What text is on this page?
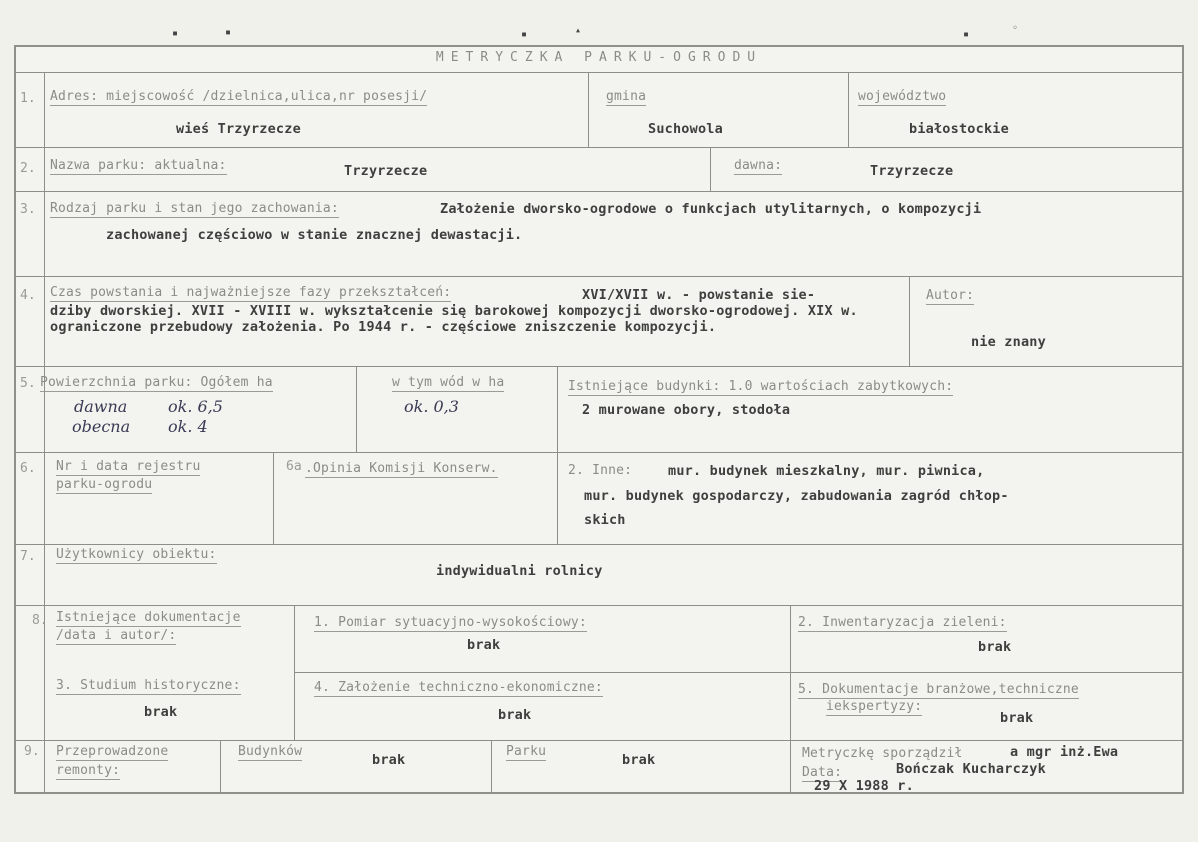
▪	▪	▪	▴	▪
◦
METRYCZKA PARKU-OGRODU
1. Adres: miejscowość /dzielnica,ulica,nr posesji/
wieś Trzyrzecze
gmina
Suchowola
województwo
białostockie
2. Nazwa parku: aktualna:	Trzyrzecze	dawna:	Trzyrzecze
3. Rodzaj parku i stan jego zachowania:	Założenie dworsko-ogrodowe o funkcjach utylitarnych, o kompozycji
zachowanej częściowo w stanie znacznej dewastacji.
4. Czas powstania i najważniejsze fazy przekształceń:	XVI/XVII w. - powstanie sie-
dziby dworskiej. XVII - XVIII w. wykształcenie się barokowej kompozycji dworsko-ogrodowej. XIX w. ograniczone przebudowy założenia. Po 1944 r. - częściowe zniszczenie kompozycji.
Autor:
nie znany
5. Powierzchnia parku: Ogółem ha
dawna	ok. 6,5
obecna ok. 4
w tym wód w ha
ok. 0,3
Istniejące budynki: 1.0 wartościach zabytkowych:
2 murowane obory, stodoła
6. Nr i data rejestru
parku-ogrodu
6a .Opinia Komisji Konserw.	2. Inne:	mur. budynek mieszkalny, mur. piwnica,
mur. budynek gospodarczy, zabudowania zagród chłop-
skich
7. Użytkownicy obiektu:
indywidualni rolnicy
8. Istniejące dokumentacje
/data i autor/:
1. Pomiar sytuacyjno-wysokościowy:
brak
2. Inwentaryzacja zieleni:
brak
3. Studium historyczne:
brak
4. Założenie techniczno-ekonomiczne:
brak
5. Dokumentacje branżowe,techniczne
iekspertyzy:
brak
9. Przeprowadzone
remonty:
Budynków
brak
Parku
brak	Metryczkę sporządził	a mgr inż.Ewa
Bończak Kucharczyk
Data:
29 X 1988 r.
